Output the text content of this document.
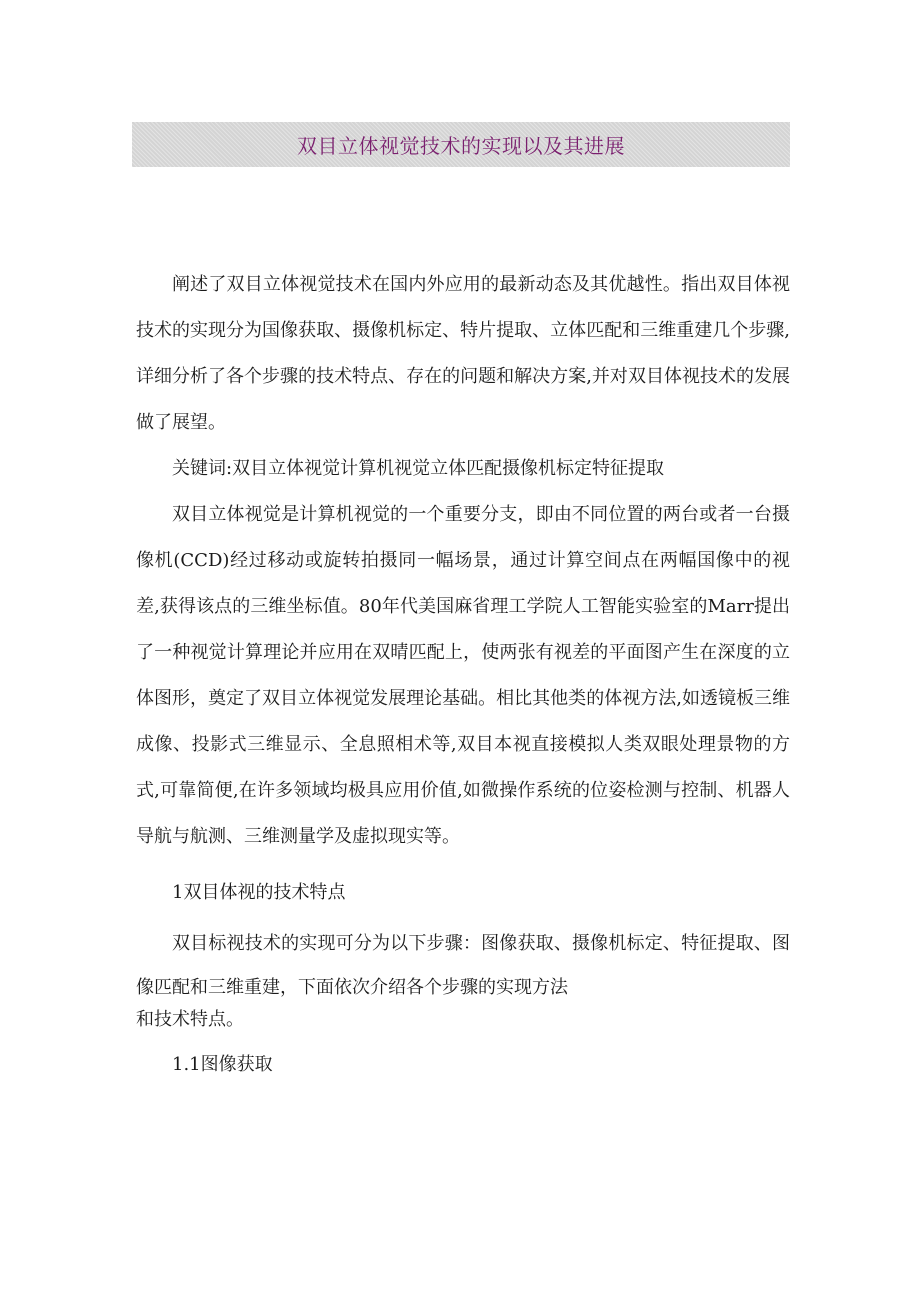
双目立体视觉技术的实现以及其进展

阐述了双目立体视觉技术在国内外应用的最新动态及其优越性。指出双目体视技术的实现分为国像获取、摄像机标定、特片提取、立体匹配和三维重建几个步骤,详细分析了各个步骤的技术特点、存在的问题和解决方案,并对双目体视技术的发展做了展望。

关键词:双目立体视觉计算机视觉立体匹配摄像机标定特征提取

双目立体视觉是计算机视觉的一个重要分支，即由不同位置的两台或者一台摄像机(CCD)经过移动或旋转拍摄同一幅场景，通过计算空间点在两幅国像中的视差,获得该点的三维坐标值。80年代美国麻省理工学院人工智能实验室的Marr提出了一种视觉计算理论并应用在双晴匹配上，使两张有视差的平面图产生在深度的立体图形，奠定了双目立体视觉发展理论基础。相比其他类的体视方法,如透镜板三维成像、投影式三维显示、全息照相术等,双目本视直接模拟人类双眼处理景物的方式,可靠简便,在许多领域均极具应用价值,如微操作系统的位姿检测与控制、机器人导航与航测、三维测量学及虚拟现实等。

1双目体视的技术特点

双目标视技术的实现可分为以下步骤：图像获取、摄像机标定、特征提取、图像匹配和三维重建，下面依次介绍各个步骤的实现方法
和技术特点。

1.1图像获取
